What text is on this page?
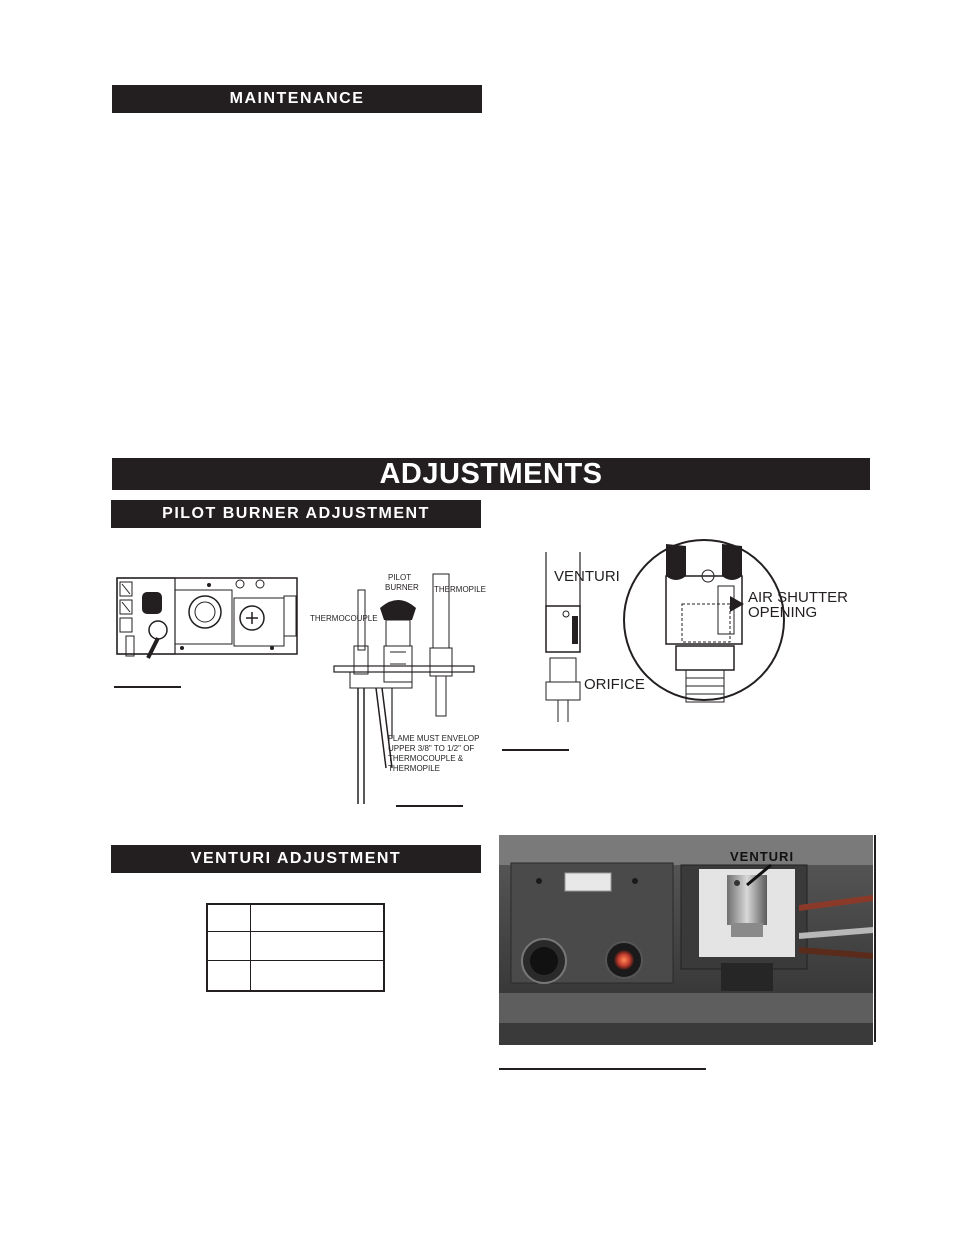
MAINTENANCE
ADJUSTMENTS
PILOT BURNER ADJUSTMENT
VENTURI ADJUSTMENT
THERMOCOUPLE
PILOT
BURNER THERMOPILE
FLAME MUST ENVELOP
UPPER 3/8" TO 1/2" OF
THERMOCOUPLE &
THERMOPILE
VENTURI
ORIFICE
AIR SHUTTER
OPENING

VENTURI
